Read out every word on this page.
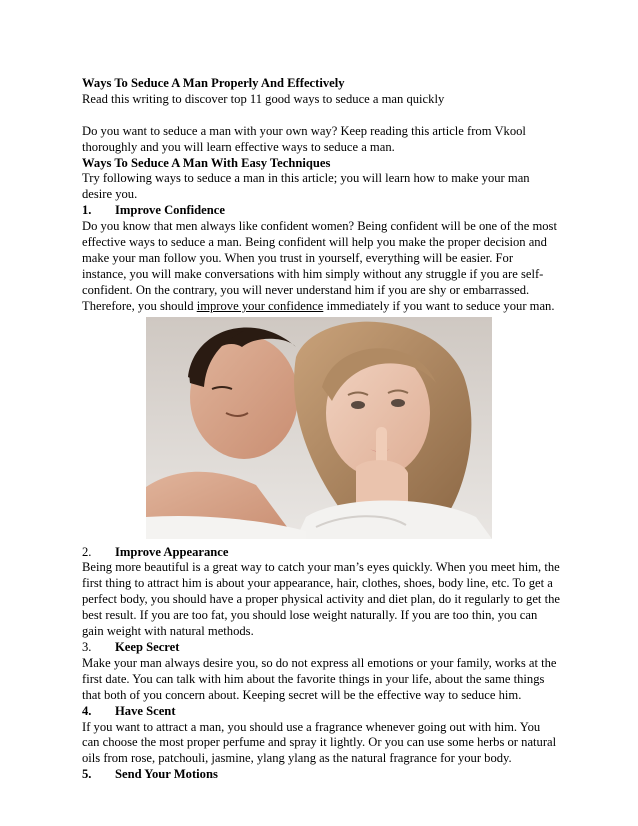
Ways To Seduce A Man Properly And Effectively

Read this writing to discover top 11 good ways to seduce a man quickly

Do you want to seduce a man with your own way? Keep reading this article from Vkool thoroughly and you will learn effective ways to seduce a man.

Ways To Seduce A Man With Easy Techniques

Try following ways to seduce a man in this article; you will learn how to make your man desire you.

1.	Improve Confidence

Do you know that men always like confident women? Being confident will be one of the most effective ways to seduce a man. Being confident will help you make the proper decision and make your man follow you. When you trust in yourself, everything will be easier. For instance, you will make conversations with him simply without any struggle if you are self-confident. On the contrary, you will never understand him if you are shy or embarrassed. Therefore, you should improve your confidence immediately if you want to seduce your man.

2.	Improve Appearance

Being more beautiful is a great way to catch your man’s eyes quickly. When you meet him, the first thing to attract him is about your appearance, hair, clothes, shoes, body line, etc. To get a perfect body, you should have a proper physical activity and diet plan, do it regularly to get the best result. If you are too fat, you should lose weight naturally. If you are too thin, you can gain weight with natural methods.

3.	Keep Secret

Make your man always desire you, so do not express all emotions or your family, works at the first date. You can talk with him about the favorite things in your life, about the same things that both of you concern about. Keeping secret will be the effective way to seduce him.

4.	Have Scent

If you want to attract a man, you should use a fragrance whenever going out with him. You can choose the most proper perfume and spray it lightly. Or you can use some herbs or natural oils from rose, patchouli, jasmine, ylang ylang as the natural fragrance for your body.

5.	Send Your Motions
